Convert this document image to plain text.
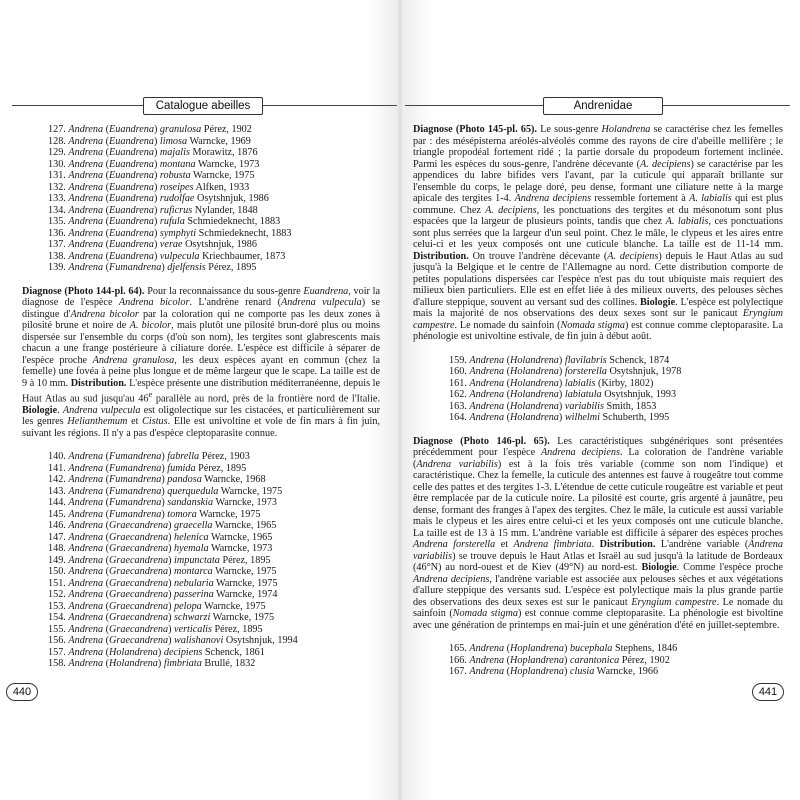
Catalogue abeilles
127. Andrena (Euandrena) granulosa Pérez, 1902
128. Andrena (Euandrena) limosa Warncke, 1969
129. Andrena (Euandrena) majalis Morawitz, 1876
130. Andrena (Euandrena) montana Warncke, 1973
131. Andrena (Euandrena) robusta Warncke, 1975
132. Andrena (Euandrena) roseipes Alfken, 1933
133. Andrena (Euandrena) rudolfae Osytshnjuk, 1986
134. Andrena (Euandrena) ruficrus Nylander, 1848
135. Andrena (Euandrena) rufula Schmiedeknecht, 1883
136. Andrena (Euandrena) symphyti Schmiedeknecht, 1883
137. Andrena (Euandrena) verae Osytshnjuk, 1986
138. Andrena (Euandrena) vulpecula Kriechbaumer, 1873
139. Andrena (Fumandrena) djelfensis Pérez, 1895

Diagnose (Photo 144-pl. 64). Pour la reconnaissance du sous-genre Euandrena, voir la diagnose de l'espèce Andrena bicolor. L'andrène renard (Andrena vulpecula) se distingue d'Andrena bicolor par la coloration qui ne comporte pas les deux zones à pilosité brune et noire de A. bicolor, mais plutôt une pilosité brun-doré plus ou moins dispersée sur l'ensemble du corps (d'où son nom), les tergites sont glabrescents mais chacun a une frange postérieure à ciliature dorée. L'espèce est difficile à séparer de l'espèce proche Andrena granulosa, les deux espèces ayant en commun (chez la femelle) une fovéa à peine plus longue et de même largeur que le scape. La taille est de 9 à 10 mm. Distribution. L'espèce présente une distribution méditerranéenne, depuis le Haut Atlas au sud jusqu'au 46e parallèle au nord, près de la frontière nord de l'Italie. Biologie. Andrena vulpecula est oligolectique sur les cistacées, et particulièrement sur les genres Helianthemum et Cistus. Elle est univoltine et vole de fin mars à fin juin, suivant les régions. Il n'y a pas d'espèce cleptoparasite connue.

140. Andrena (Fumandrena) fabrella Pérez, 1903
141. Andrena (Fumandrena) fumida Pérez, 1895
142. Andrena (Fumandrena) pandosa Warncke, 1968
143. Andrena (Fumandrena) querquedula Warncke, 1975
144. Andrena (Fumandrena) sandanskia Warncke, 1973
145. Andrena (Fumandrena) tomora Warncke, 1975
146. Andrena (Graecandrena) graecella Warncke, 1965
147. Andrena (Graecandrena) helenica Warncke, 1965
148. Andrena (Graecandrena) hyemala Warncke, 1973
149. Andrena (Graecandrena) impunctata Pérez, 1895
150. Andrena (Graecandrena) montarca Warncke, 1975
151. Andrena (Graecandrena) nebularia Warncke, 1975
152. Andrena (Graecandrena) passerina Warncke, 1974
153. Andrena (Graecandrena) pelopa Warncke, 1975
154. Andrena (Graecandrena) schwarzi Warncke, 1975
155. Andrena (Graecandrena) verticalis Pérez, 1895
156. Andrena (Graecandrena) walishanovi Osytshnjuk, 1994
157. Andrena (Holandrena) decipiens Schenck, 1861
158. Andrena (Holandrena) fimbriata Brullé, 1832
440
Andrenidae

Diagnose (Photo 145-pl. 65). Le sous-genre Holandrena se caractérise chez les femelles par : des mésépisterna aréolés-alvéolés comme des rayons de cire d'abeille mellifère ; le triangle propodéal fortement ridé ; la partie dorsale du propodeum fortement inclinée. Parmi les espèces du sous-genre, l'andrène décevante (A. decipiens) se caractérise par les appendices du labre bifides vers l'avant, par la cuticule qui apparaît brillante sur l'ensemble du corps, le pelage doré, peu dense, formant une ciliature nette à la marge apicale des tergites 1-4. Andrena decipiens ressemble fortement à A. labialis qui est plus commune. Chez A. decipiens, les ponctuations des tergites et du mésonotum sont plus espacées que la largeur de plusieurs points, tandis que chez A. labialis, ces ponctuations sont plus serrées que la largeur d'un seul point. Chez le mâle, le clypeus et les aires entre celui-ci et les yeux composés ont une cuticule blanche. La taille est de 11-14 mm. Distribution. On trouve l'andrène décevante (A. decipiens) depuis le Haut Atlas au sud jusqu'à la Belgique et le centre de l'Allemagne au nord. Cette distribution comporte de petites populations dispersées car l'espèce n'est pas du tout ubiquiste mais requiert des milieux bien particuliers. Elle est en effet liée à des milieux ouverts, des pelouses sèches d'allure steppique, souvent au versant sud des collines. Biologie. L'espèce est polylectique mais la majorité de nos observations des deux sexes sont sur le panicaut Eryngium campestre. Le nomade du sainfoin (Nomada stigma) est connue comme cleptoparasite. La phénologie est univoltine estivale, de fin juin à début août.

159. Andrena (Holandrena) flavilabris Schenck, 1874
160. Andrena (Holandrena) forsterella Osytshnjuk, 1978
161. Andrena (Holandrena) labialis (Kirby, 1802)
162. Andrena (Holandrena) labiatula Osytshnjuk, 1993
163. Andrena (Holandrena) variabilis Smith, 1853
164. Andrena (Holandrena) wilhelmi Schuberth, 1995

Diagnose (Photo 146-pl. 65). Les caractéristiques subgénériques sont présentées précédemment pour l'espèce Andrena decipiens. La coloration de l'andrène variable (Andrena variabilis) est à la fois très variable (comme son nom l'indique) et caractéristique. Chez la femelle, la cuticule des antennes est fauve à rougeâtre tout comme celle des pattes et des tergites 1-3. L'étendue de cette cuticule rougeâtre est variable et peut être remplacée par de la cuticule noire. La pilosité est courte, gris argenté à jaunâtre, peu dense, formant des franges à l'apex des tergites. Chez le mâle, la cuticule est aussi variable mais le clypeus et les aires entre celui-ci et les yeux composés ont une cuticule blanche. La taille est de 13 à 15 mm. L'andrène variable est difficile à séparer des espèces proches Andrena forsterella et Andrena fimbriata. Distribution. L'andrène variable (Andrena variabilis) se trouve depuis le Haut Atlas et Israël au sud jusqu'à la latitude de Bordeaux (46°N) au nord-ouest et de Kiev (49°N) au nord-est. Biologie. Comme l'espèce proche Andrena decipiens, l'andrène variable est associée aux pelouses sèches et aux végétations d'allure steppique des versants sud. L'espèce est polylectique mais la plus grande partie des observations des deux sexes est sur le panicaut Eryngium campestre. Le nomade du sainfoin (Nomada stigma) est connue comme cleptoparasite. La phénologie est bivoltine avec une génération de printemps en mai-juin et une génération d'été en juillet-septembre.

165. Andrena (Hoplandrena) bucephala Stephens, 1846
166. Andrena (Hoplandrena) carantonica Pérez, 1902
167. Andrena (Hoplandrena) clusia Warncke, 1966
441
